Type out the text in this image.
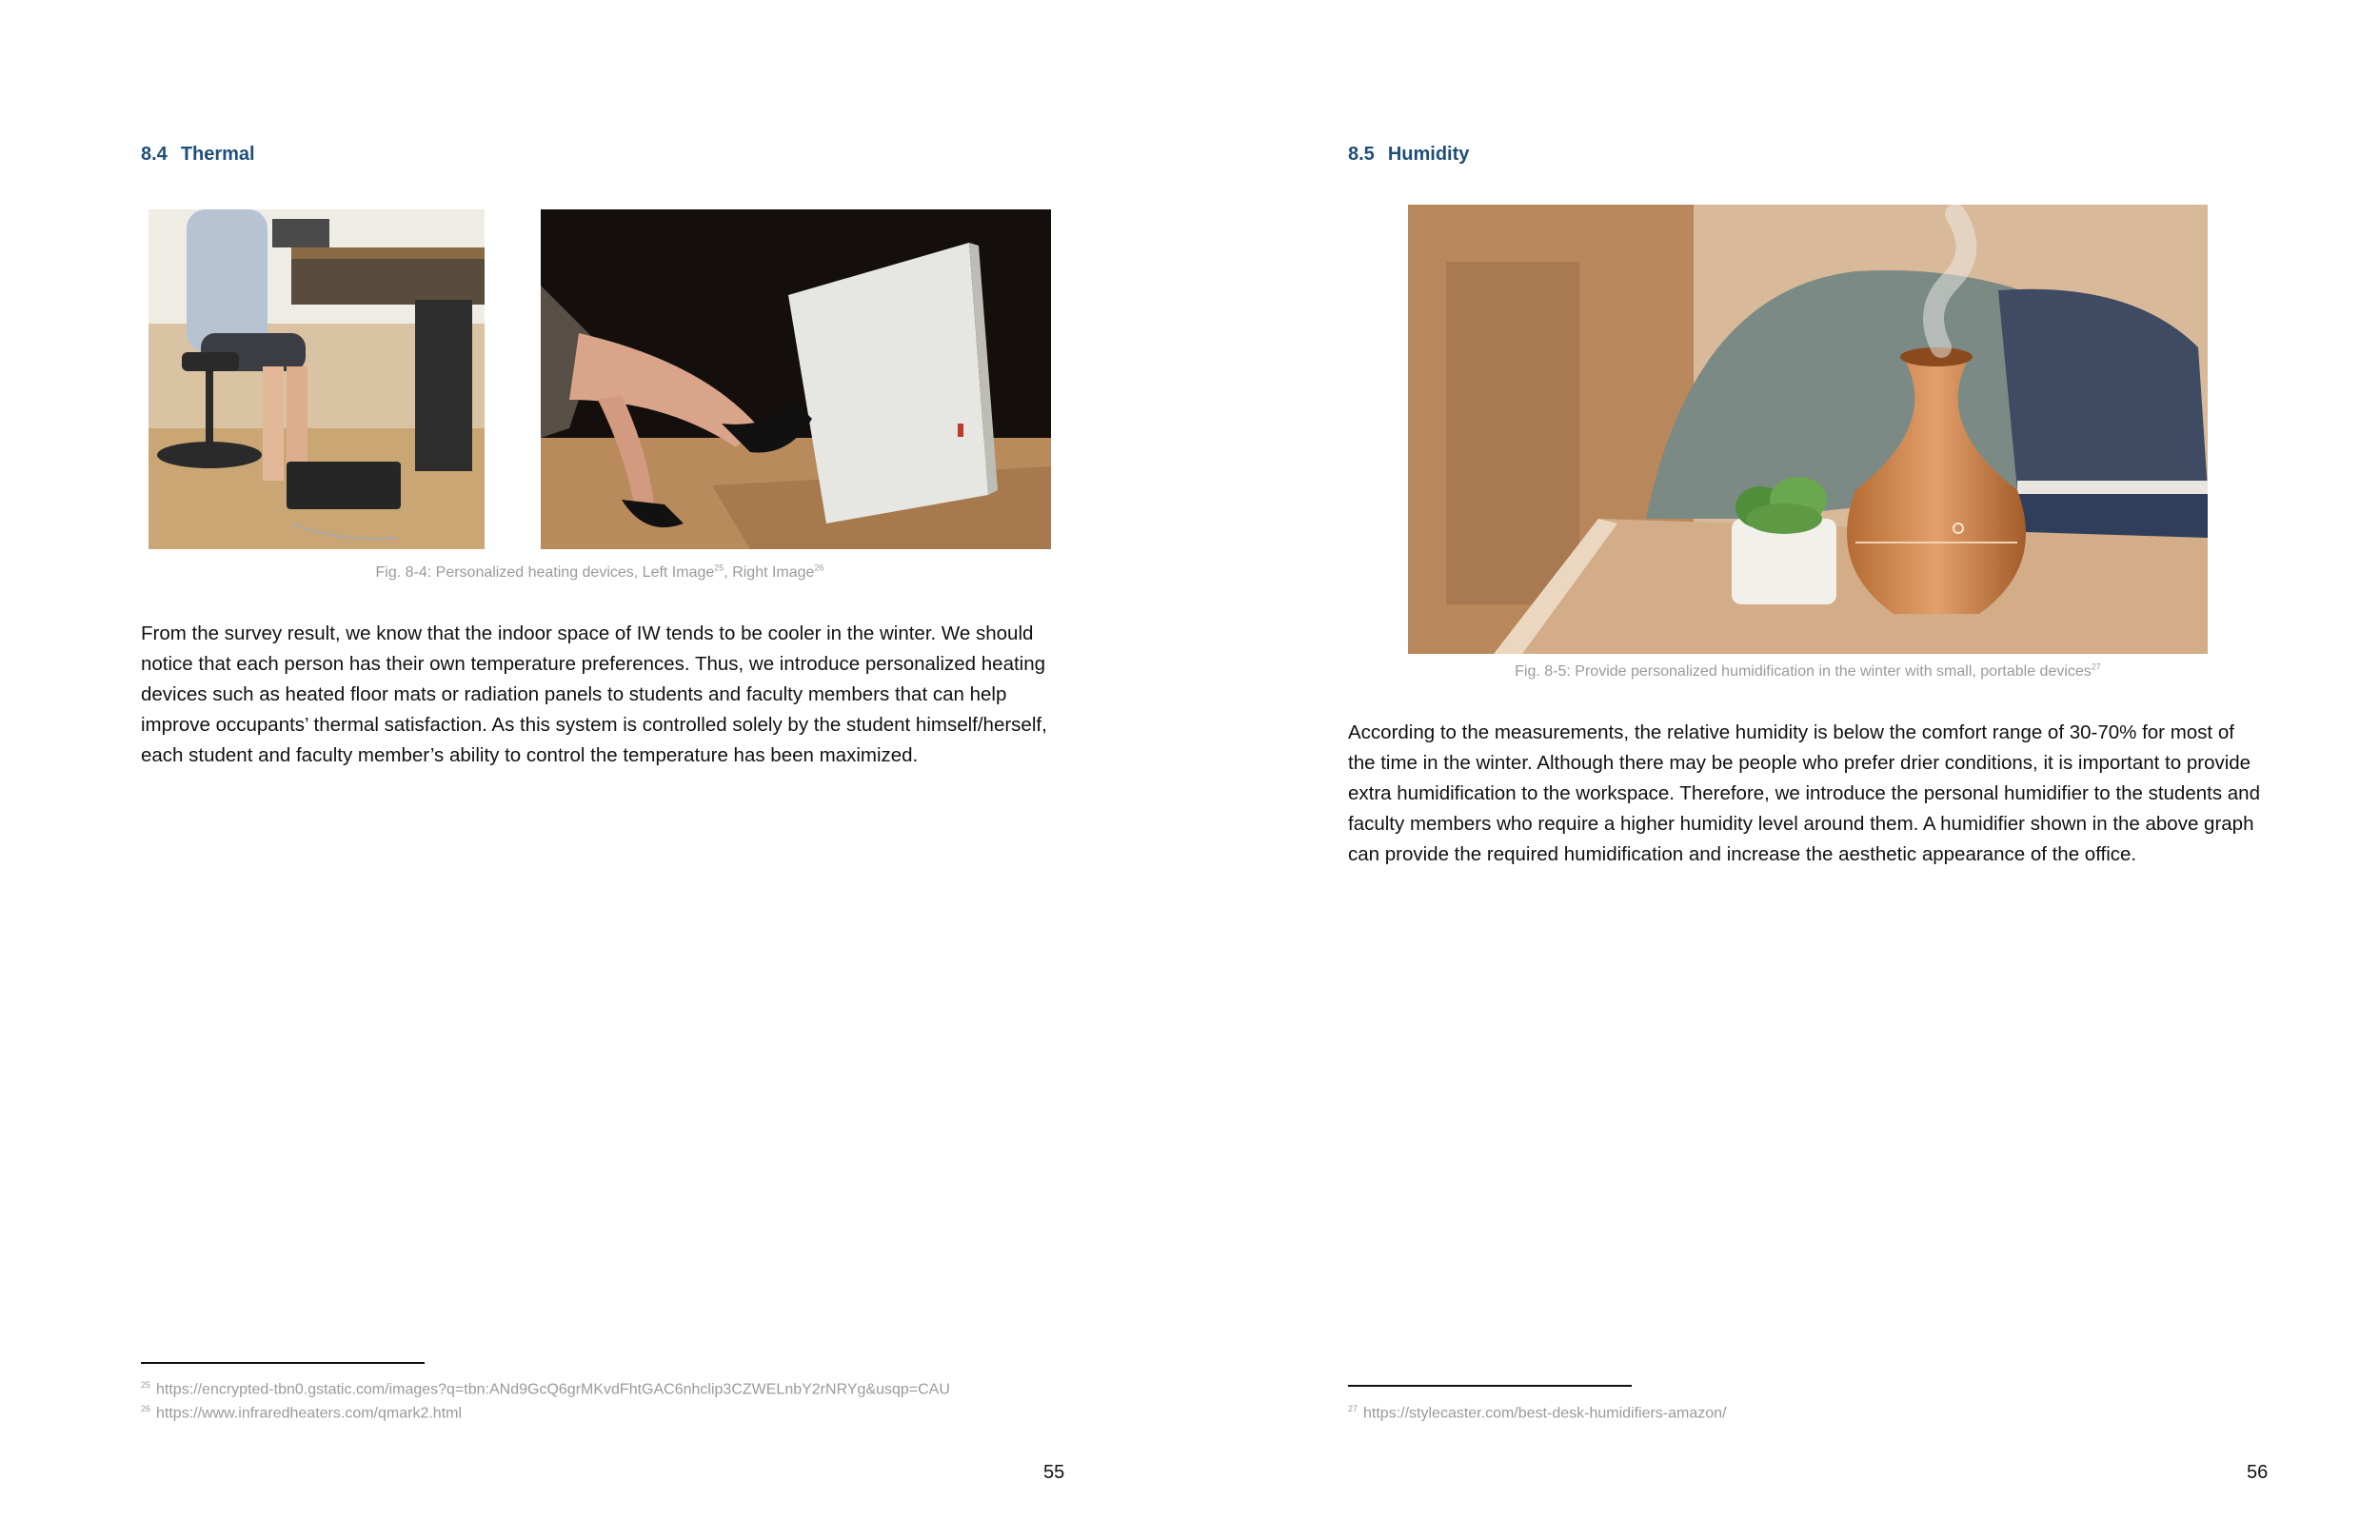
8.4 Thermal
Fig. 8-4: Personalized heating devices, Left Image$^{25}$, Right Image$^{26}$

From the survey result, we know that the indoor space of IW tends to be cooler in the winter. We should notice that each person has their own temperature preferences. Thus, we introduce personalized heating devices such as heated floor mats or radiation panels to students and faculty members that can help improve occupants’ thermal satisfaction. As this system is controlled solely by the student himself/herself, each student and faculty member’s ability to control the temperature has been maximized.

$^{25}$ https://encrypted-tbn0.gstatic.com/images?q=tbn:ANd9GcQ6grMKvdFhtGAC6nhclip3CZWELnbY2rNRYg&usqp=CAU
$^{26}$ https://www.infraredheaters.com/qmark2.html
55
8.5 Humidity
Fig. 8-5: Provide personalized humidification in the winter with small, portable devices$^{27}$

According to the measurements, the relative humidity is below the comfort range of 30-70% for most of the time in the winter. Although there may be people who prefer drier conditions, it is important to provide extra humidification to the workspace. Therefore, we introduce the personal humidifier to the students and faculty members who require a higher humidity level around them. A humidifier shown in the above graph can provide the required humidification and increase the aesthetic appearance of the office.

$^{27}$ https://stylecaster.com/best-desk-humidifiers-amazon/
56
